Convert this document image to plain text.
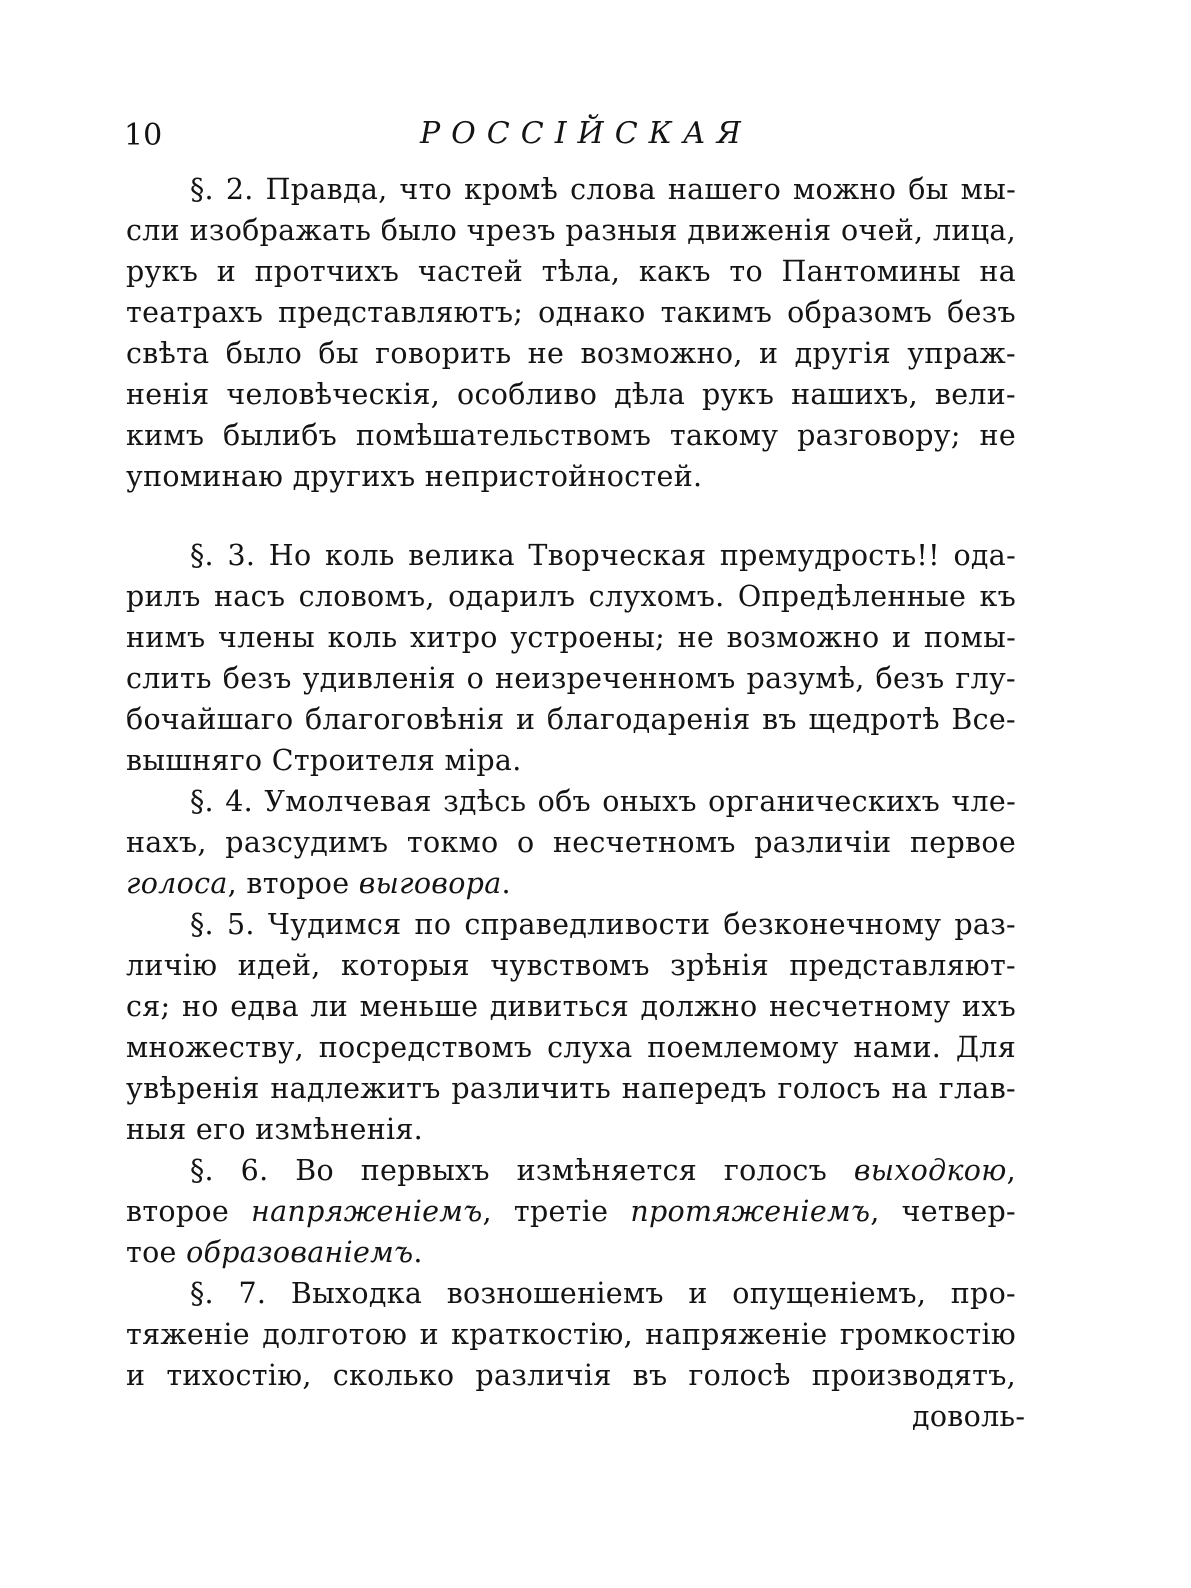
10	РОССІЙСКАЯ
§. 2. Правда, что кромѣ слова нашего можно бы мы-
сли изображать было чрезъ разныя движенія очей, лица,
рукъ и протчихъ частей тѣла, какъ то Пантомины на
театрахъ представляютъ; однако такимъ образомъ безъ
свѣта было бы говорить не возможно, и другія упраж-
ненія человѣческія, особливо дѣла рукъ нашихъ, вели-
кимъ былибъ помѣшательствомъ такому разговору; не
упоминаю другихъ непристойностей.
§. 3. Но коль велика Творческая премудрость!! ода-
рилъ насъ словомъ, одарилъ слухомъ. Опредѣленные къ
нимъ члены коль хитро устроены; не возможно и помы-
слить безъ удивленія о неизреченномъ разумѣ, безъ глу-
бочайшаго благоговѣнія и благодаренія въ щедротѣ Все-
вышняго Строителя міра.
§. 4. Умолчевая здѣсь объ оныхъ органическихъ чле-
нахъ, разсудимъ токмо о несчетномъ различіи первое
голоса, второе выговора.
§. 5. Чудимся по справедливости безконечному раз-
личію идей, которыя чувствомъ зрѣнія представляют-
ся; но едва ли меньше дивиться должно несчетному ихъ
множеству, посредствомъ слуха поемлемому нами. Для
увѣренія надлежитъ различить напередъ голосъ на глав-
ныя его измѣненія.
§. 6. Во первыхъ измѣняется голосъ выходкою,
второе напряженіемъ, третіе протяженіемъ, четвер-
тое образованіемъ.
§. 7. Выходка возношеніемъ и опущеніемъ, про-
тяженіе долготою и краткостію, напряженіе громкостію
и тихостію, сколько различія въ голосѣ производятъ,
доволь-
